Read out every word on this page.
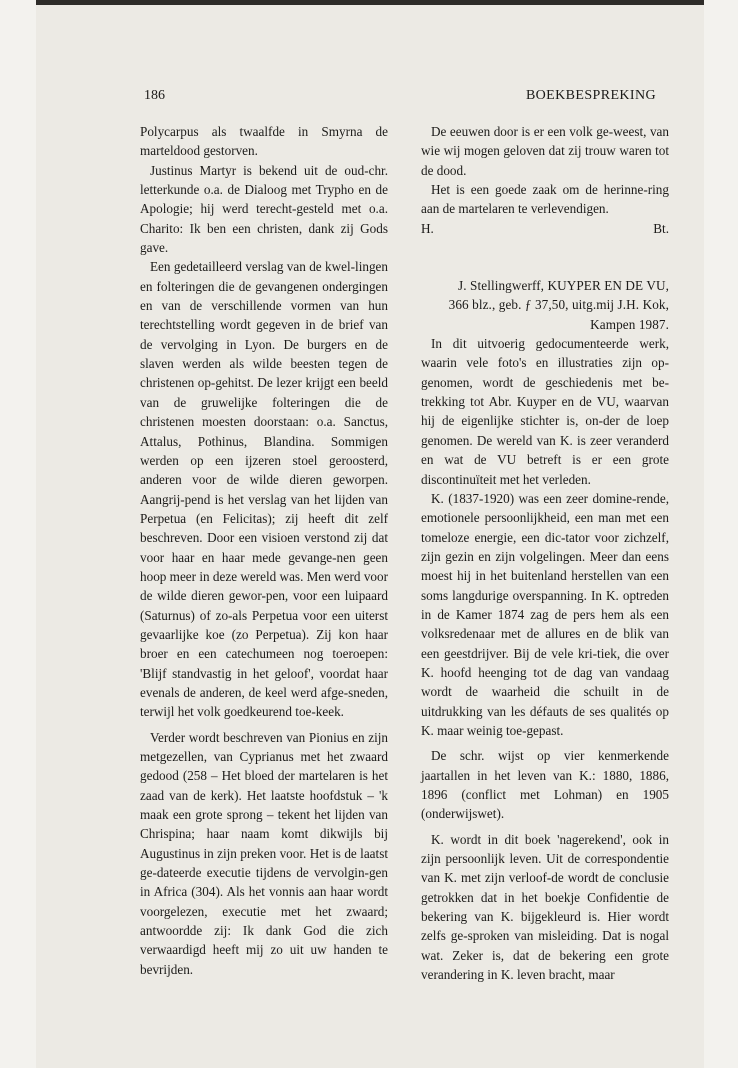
186	BOEKBESPREKING

Polycarpus als twaalfde in Smyrna de marteldood gestorven.

Justinus Martyr is bekend uit de oud-chr. letterkunde o.a. de Dialoog met Trypho en de Apologie; hij werd terecht-gesteld met o.a. Charito: Ik ben een christen, dank zij Gods gave.

Een gedetailleerd verslag van de kwel-lingen en folteringen die de gevangenen ondergingen en van de verschillende vormen van hun terechtstelling wordt gegeven in de brief van de vervolging in Lyon. De burgers en de slaven werden als wilde beesten tegen de christenen op-gehitst. De lezer krijgt een beeld van de gruwelijke folteringen die de christenen moesten doorstaan: o.a. Sanctus, Attalus, Pothinus, Blandina. Sommigen werden op een ijzeren stoel geroosterd, anderen voor de wilde dieren geworpen. Aangrij-pend is het verslag van het lijden van Perpetua (en Felicitas); zij heeft dit zelf beschreven. Door een visioen verstond zij dat voor haar en haar mede gevange-nen geen hoop meer in deze wereld was. Men werd voor de wilde dieren gewor-pen, voor een luipaard (Saturnus) of zo-als Perpetua voor een uiterst gevaarlijke koe (zo Perpetua). Zij kon haar broer en een catechumeen nog toeroepen: 'Blijf standvastig in het geloof', voordat haar evenals de anderen, de keel werd afge-sneden, terwijl het volk goedkeurend toe-keek.

Verder wordt beschreven van Pionius en zijn metgezellen, van Cyprianus met het zwaard gedood (258 – Het bloed der martelaren is het zaad van de kerk). Het laatste hoofdstuk – 'k maak een grote sprong – tekent het lijden van Chrispina; haar naam komt dikwijls bij Augustinus in zijn preken voor. Het is de laatst ge-dateerde executie tijdens de vervolgin-gen in Africa (304). Als het vonnis aan haar wordt voorgelezen, executie met het zwaard; antwoordde zij: Ik dank God die zich verwaardigd heeft mij zo uit uw handen te bevrijden.

De eeuwen door is er een volk ge-weest, van wie wij mogen geloven dat zij trouw waren tot de dood.

Het is een goede zaak om de herinne-ring aan de martelaren te verlevendigen.

H.	Bt.

J. Stellingwerff, KUYPER EN DE VU, 366 blz., geb. ƒ 37,50, uitg.mij J.H. Kok, Kampen 1987.

In dit uitvoerig gedocumenteerde werk, waarin vele foto's en illustraties zijn op-genomen, wordt de geschiedenis met be-trekking tot Abr. Kuyper en de VU, waarvan hij de eigenlijke stichter is, on-der de loep genomen. De wereld van K. is zeer veranderd en wat de VU betreft is er een grote discontinuïteit met het verleden.

K. (1837-1920) was een zeer domine-rende, emotionele persoonlijkheid, een man met een tomeloze energie, een dic-tator voor zichzelf, zijn gezin en zijn volgelingen. Meer dan eens moest hij in het buitenland herstellen van een soms langdurige overspanning. In K. optreden in de Kamer 1874 zag de pers hem als een volksredenaar met de allures en de blik van een geestdrijver. Bij de vele kri-tiek, die over K. hoofd heenging tot de dag van vandaag wordt de waarheid die schuilt in de uitdrukking van les défauts de ses qualités op K. maar weinig toe-gepast.

De schr. wijst op vier kenmerkende jaartallen in het leven van K.: 1880, 1886, 1896 (conflict met Lohman) en 1905 (onderwijswet).

K. wordt in dit boek 'nagerekend', ook in zijn persoonlijk leven. Uit de correspondentie van K. met zijn verloof-de wordt de conclusie getrokken dat in het boekje Confidentie de bekering van K. bijgekleurd is. Hier wordt zelfs ge-sproken van misleiding. Dat is nogal wat. Zeker is, dat de bekering een grote verandering in K. leven bracht, maar
